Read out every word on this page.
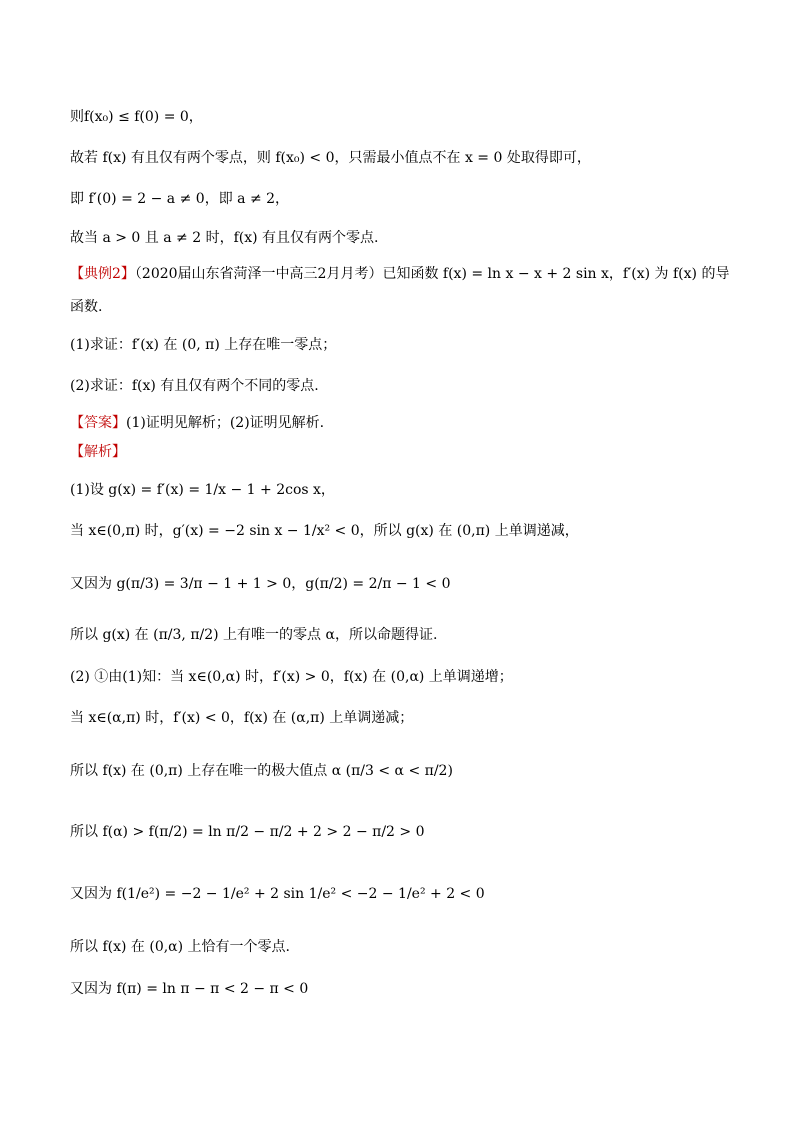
则f(x₀) ≤ f(0) = 0，
故若 f(x) 有且仅有两个零点，则 f(x₀) < 0，只需最小值点不在 x = 0 处取得即可，
即 f′(0) = 2 − a ≠ 0，即 a ≠ 2，
故当 a > 0 且 a ≠ 2 时，f(x) 有且仅有两个零点.
【典例2】（2020届山东省菏泽一中高三2月月考）已知函数 f(x) = ln x − x + 2 sin x，f′(x) 为 f(x) 的导
函数.
(1)求证：f′(x) 在 (0, π) 上存在唯一零点；
(2)求证：f(x) 有且仅有两个不同的零点.
【答案】(1)证明见解析；(2)证明见解析.
【解析】
(1)设 g(x) = f′(x) = 1/x − 1 + 2cos x，
当 x∈(0,π) 时，g′(x) = −2 sin x − 1/x² < 0，所以 g(x) 在 (0,π) 上单调递减，
又因为 g(π/3) = 3/π − 1 + 1 > 0，g(π/2) = 2/π − 1 < 0
所以 g(x) 在 (π/3, π/2) 上有唯一的零点 α，所以命题得证.
(2) ①由(1)知：当 x∈(0,α) 时，f′(x) > 0，f(x) 在 (0,α) 上单调递增；
当 x∈(α,π) 时，f′(x) < 0，f(x) 在 (α,π) 上单调递减；
所以 f(x) 在 (0,π) 上存在唯一的极大值点 α (π/3 < α < π/2)
所以 f(α) > f(π/2) = ln π/2 − π/2 + 2 > 2 − π/2 > 0
又因为 f(1/e²) = −2 − 1/e² + 2 sin 1/e² < −2 − 1/e² + 2 < 0
所以 f(x) 在 (0,α) 上恰有一个零点.
又因为 f(π) = ln π − π < 2 − π < 0
